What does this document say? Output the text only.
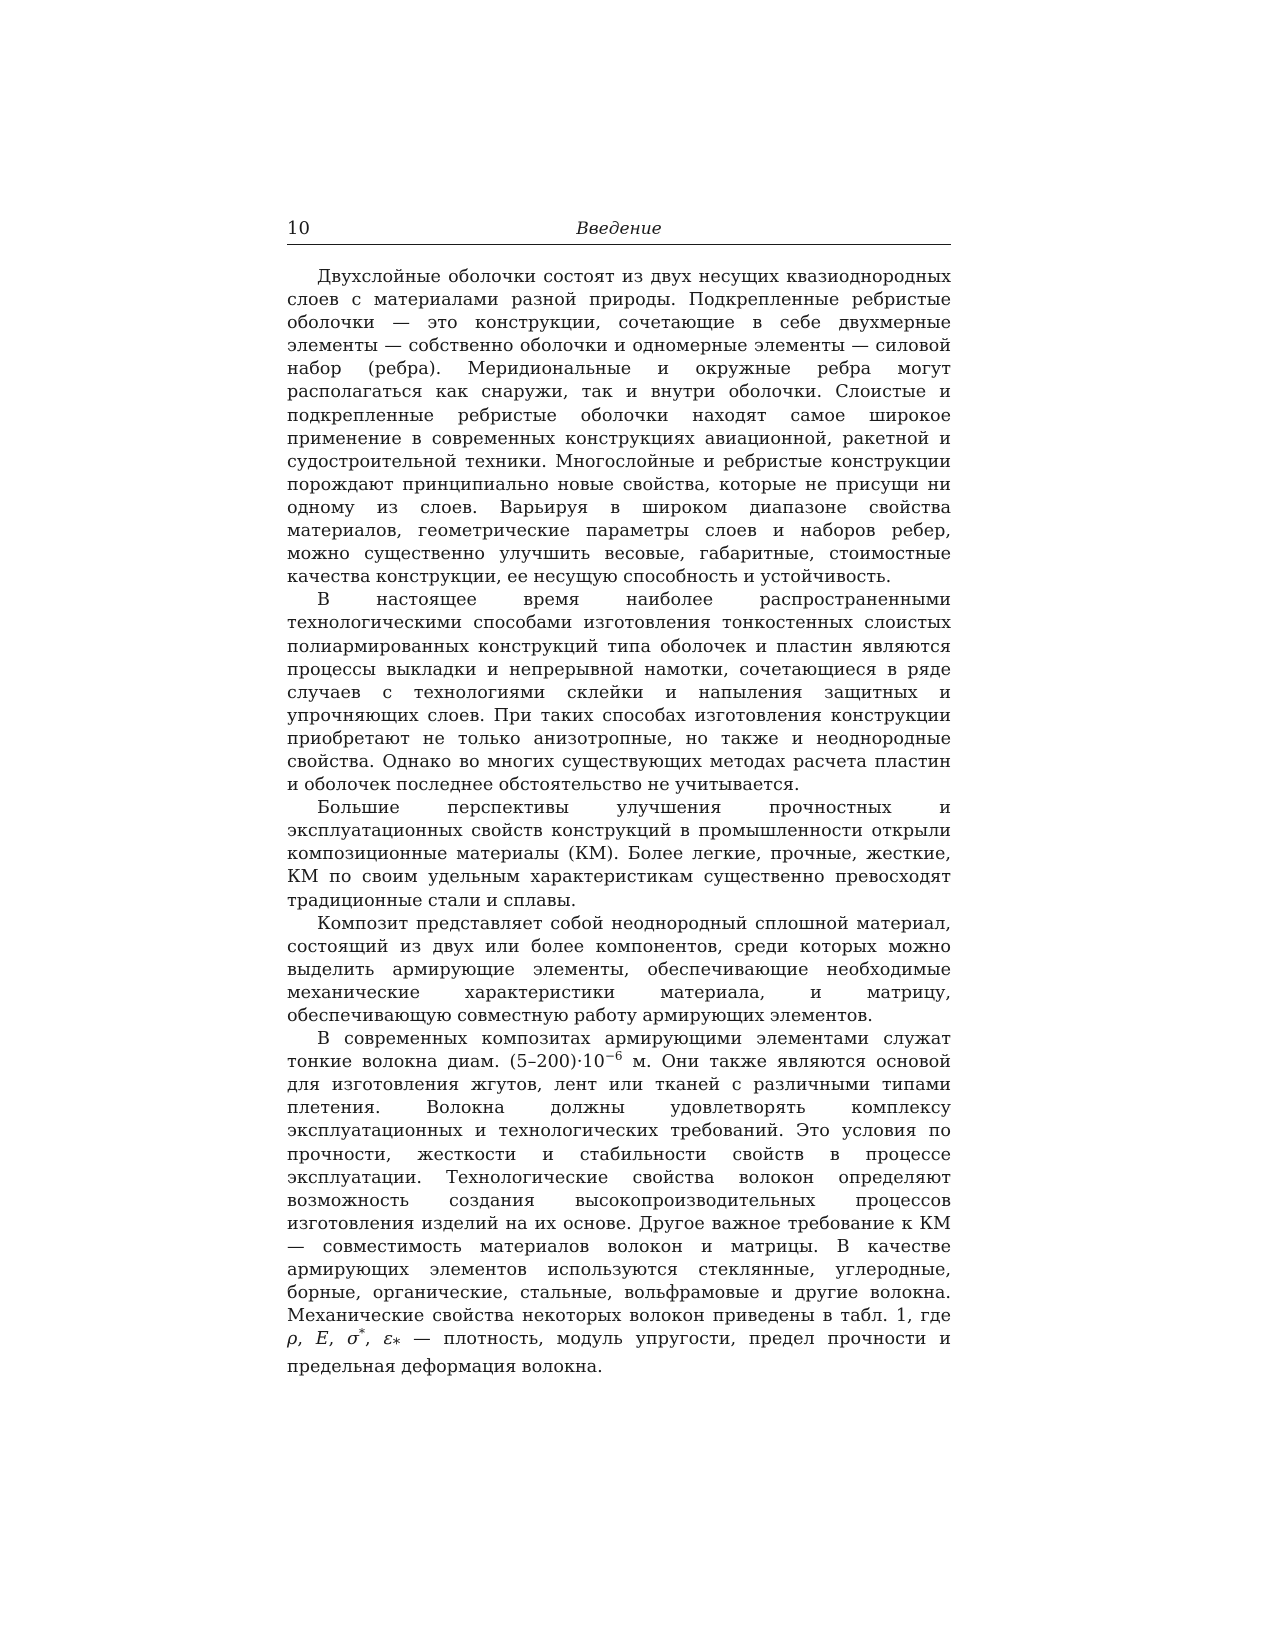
10	Введение

Двухслойные оболочки состоят из двух несущих квазиоднородных слоев с материалами разной природы. Подкрепленные ребристые оболочки — это конструкции, сочетающие в себе двухмерные элементы — собственно оболочки и одномерные элементы — силовой набор (ребра). Меридиональные и окружные ребра могут располагаться как снаружи, так и внутри оболочки. Слоистые и подкрепленные ребристые оболочки находят самое широкое применение в современных конструкциях авиационной, ракетной и судостроительной техники. Многослойные и ребристые конструкции порождают принципиально новые свойства, которые не присущи ни одному из слоев. Варьируя в широком диапазоне свойства материалов, геометрические параметры слоев и наборов ребер, можно существенно улучшить весовые, габаритные, стоимостные качества конструкции, ее несущую способность и устойчивость.

В настоящее время наиболее распространенными технологическими способами изготовления тонкостенных слоистых полиармированных конструкций типа оболочек и пластин являются процессы выкладки и непрерывной намотки, сочетающиеся в ряде случаев с технологиями склейки и напыления защитных и упрочняющих слоев. При таких способах изготовления конструкции приобретают не только анизотропные, но также и неоднородные свойства. Однако во многих существующих методах расчета пластин и оболочек последнее обстоятельство не учитывается.

Большие перспективы улучшения прочностных и эксплуатационных свойств конструкций в промышленности открыли композиционные материалы (КМ). Более легкие, прочные, жесткие, КМ по своим удельным характеристикам существенно превосходят традиционные стали и сплавы.

Композит представляет собой неоднородный сплошной материал, состоящий из двух или более компонентов, среди которых можно выделить армирующие элементы, обеспечивающие необходимые механические характеристики материала, и матрицу, обеспечивающую совместную работу армирующих элементов.

В современных композитах армирующими элементами служат тонкие волокна диам. $(5-200)\cdot 10^{-6}$ м. Они также являются основой для изготовления жгутов, лент или тканей с различными типами плетения. Волокна должны удовлетворять комплексу эксплуатационных и технологических требований. Это условия по прочности, жесткости и стабильности свойств в процессе эксплуатации. Технологические свойства волокон определяют возможность создания высокопроизводительных процессов изготовления изделий на их основе. Другое важное требование к КМ — совместимость материалов волокон и матрицы. В качестве армирующих элементов используются стеклянные, углеродные, борные, органические, стальные, вольфрамовые и другие волокна. Механические свойства некоторых волокон приведены в табл. 1, где ρ, E, σ*, $\varepsilon_*$ — плотность, модуль упругости, предел прочности и предельная деформация волокна.
